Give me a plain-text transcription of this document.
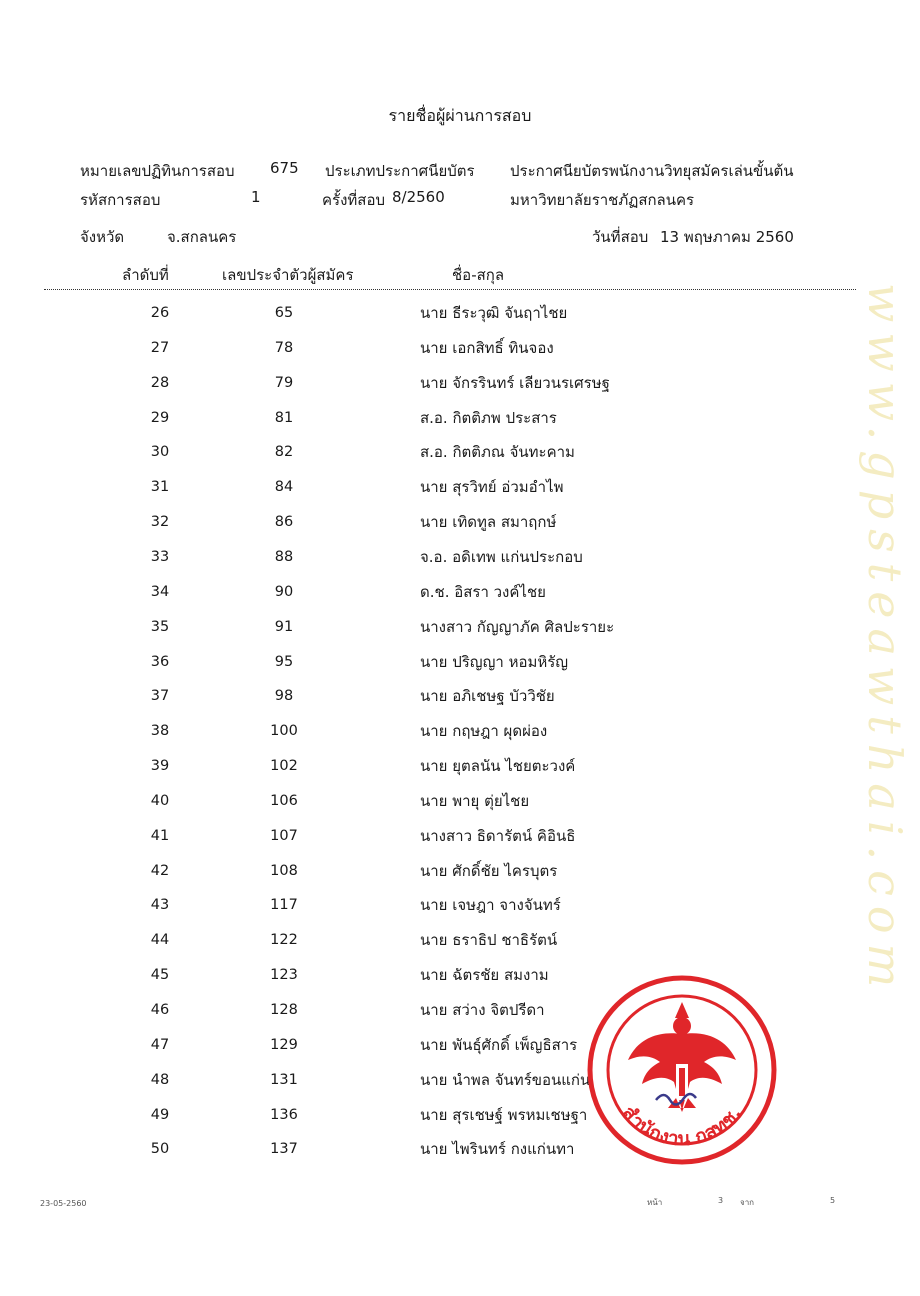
รายชื่อผู้ผ่านการสอบ
หมายเลขปฏิทินการสอบ 675 ประเภทประกาศนียบัตร ประกาศนียบัตรพนักงานวิทยุสมัครเล่นขั้นต้น
รหัสการสอบ	1	ครั้งที่สอบ 8/2560	มหาวิทยาลัยราชภัฏสกลนคร
จังหวัด	จ.สกลนคร	วันที่สอบ 13 พฤษภาคม 2560
ลำดับที่	เลขประจำตัวผู้สมัคร	ชื่อ-สกุล
26	65	นาย ธีระวุฒิ จันฤาไชย
27	78	นาย เอกสิทธิ์ ทินจอง
28	79	นาย จักรรินทร์ เลียวนรเศรษฐ
29	81	ส.อ. กิตติภพ ประสาร
30	82	ส.อ. กิตติภณ จันทะคาม
31	84	นาย สุรวิทย์ อ่วมอำไพ
32	86	นาย เทิดทูล สมาฤกษ์
33	88	จ.อ. อดิเทพ แก่นประกอบ
34	90	ด.ช. อิสรา วงค์ไชย
35	91	นางสาว กัญญาภัค ศิลปะรายะ
36	95	นาย ปริญญา หอมหิรัญ
37	98	นาย อภิเชษฐ บัววิชัย
38	100	นาย กฤษฎา ผุดผ่อง
39	102	นาย ยุตลนัน ไชยตะวงค์
40	106	นาย พายุ ตุ่ยไชย
41	107	นางสาว ธิดารัตน์ คิอินธิ
42	108	นาย ศักดิ์ชัย ไครบุตร
43	117	นาย เจษฎา จางจันทร์
44	122	นาย ธราธิป ชาธิรัตน์
45	123	นาย ฉัตรชัย สมงาม
46	128	นาย สว่าง จิตปรีดา
47	129	นาย พันธุ์ศักดิ์ เพ็ญธิสาร
48	131	นาย นำพล จันทร์ขอนแก่น
49	136	นาย สุรเชษฐ์ พรหมเชษฐา
50	137	นาย ไพรินทร์ กงแก่นทา
www.gpsteawthai.com
สำนักงาน กสทช.
23-05-2560	หน้า	3 จาก	5
